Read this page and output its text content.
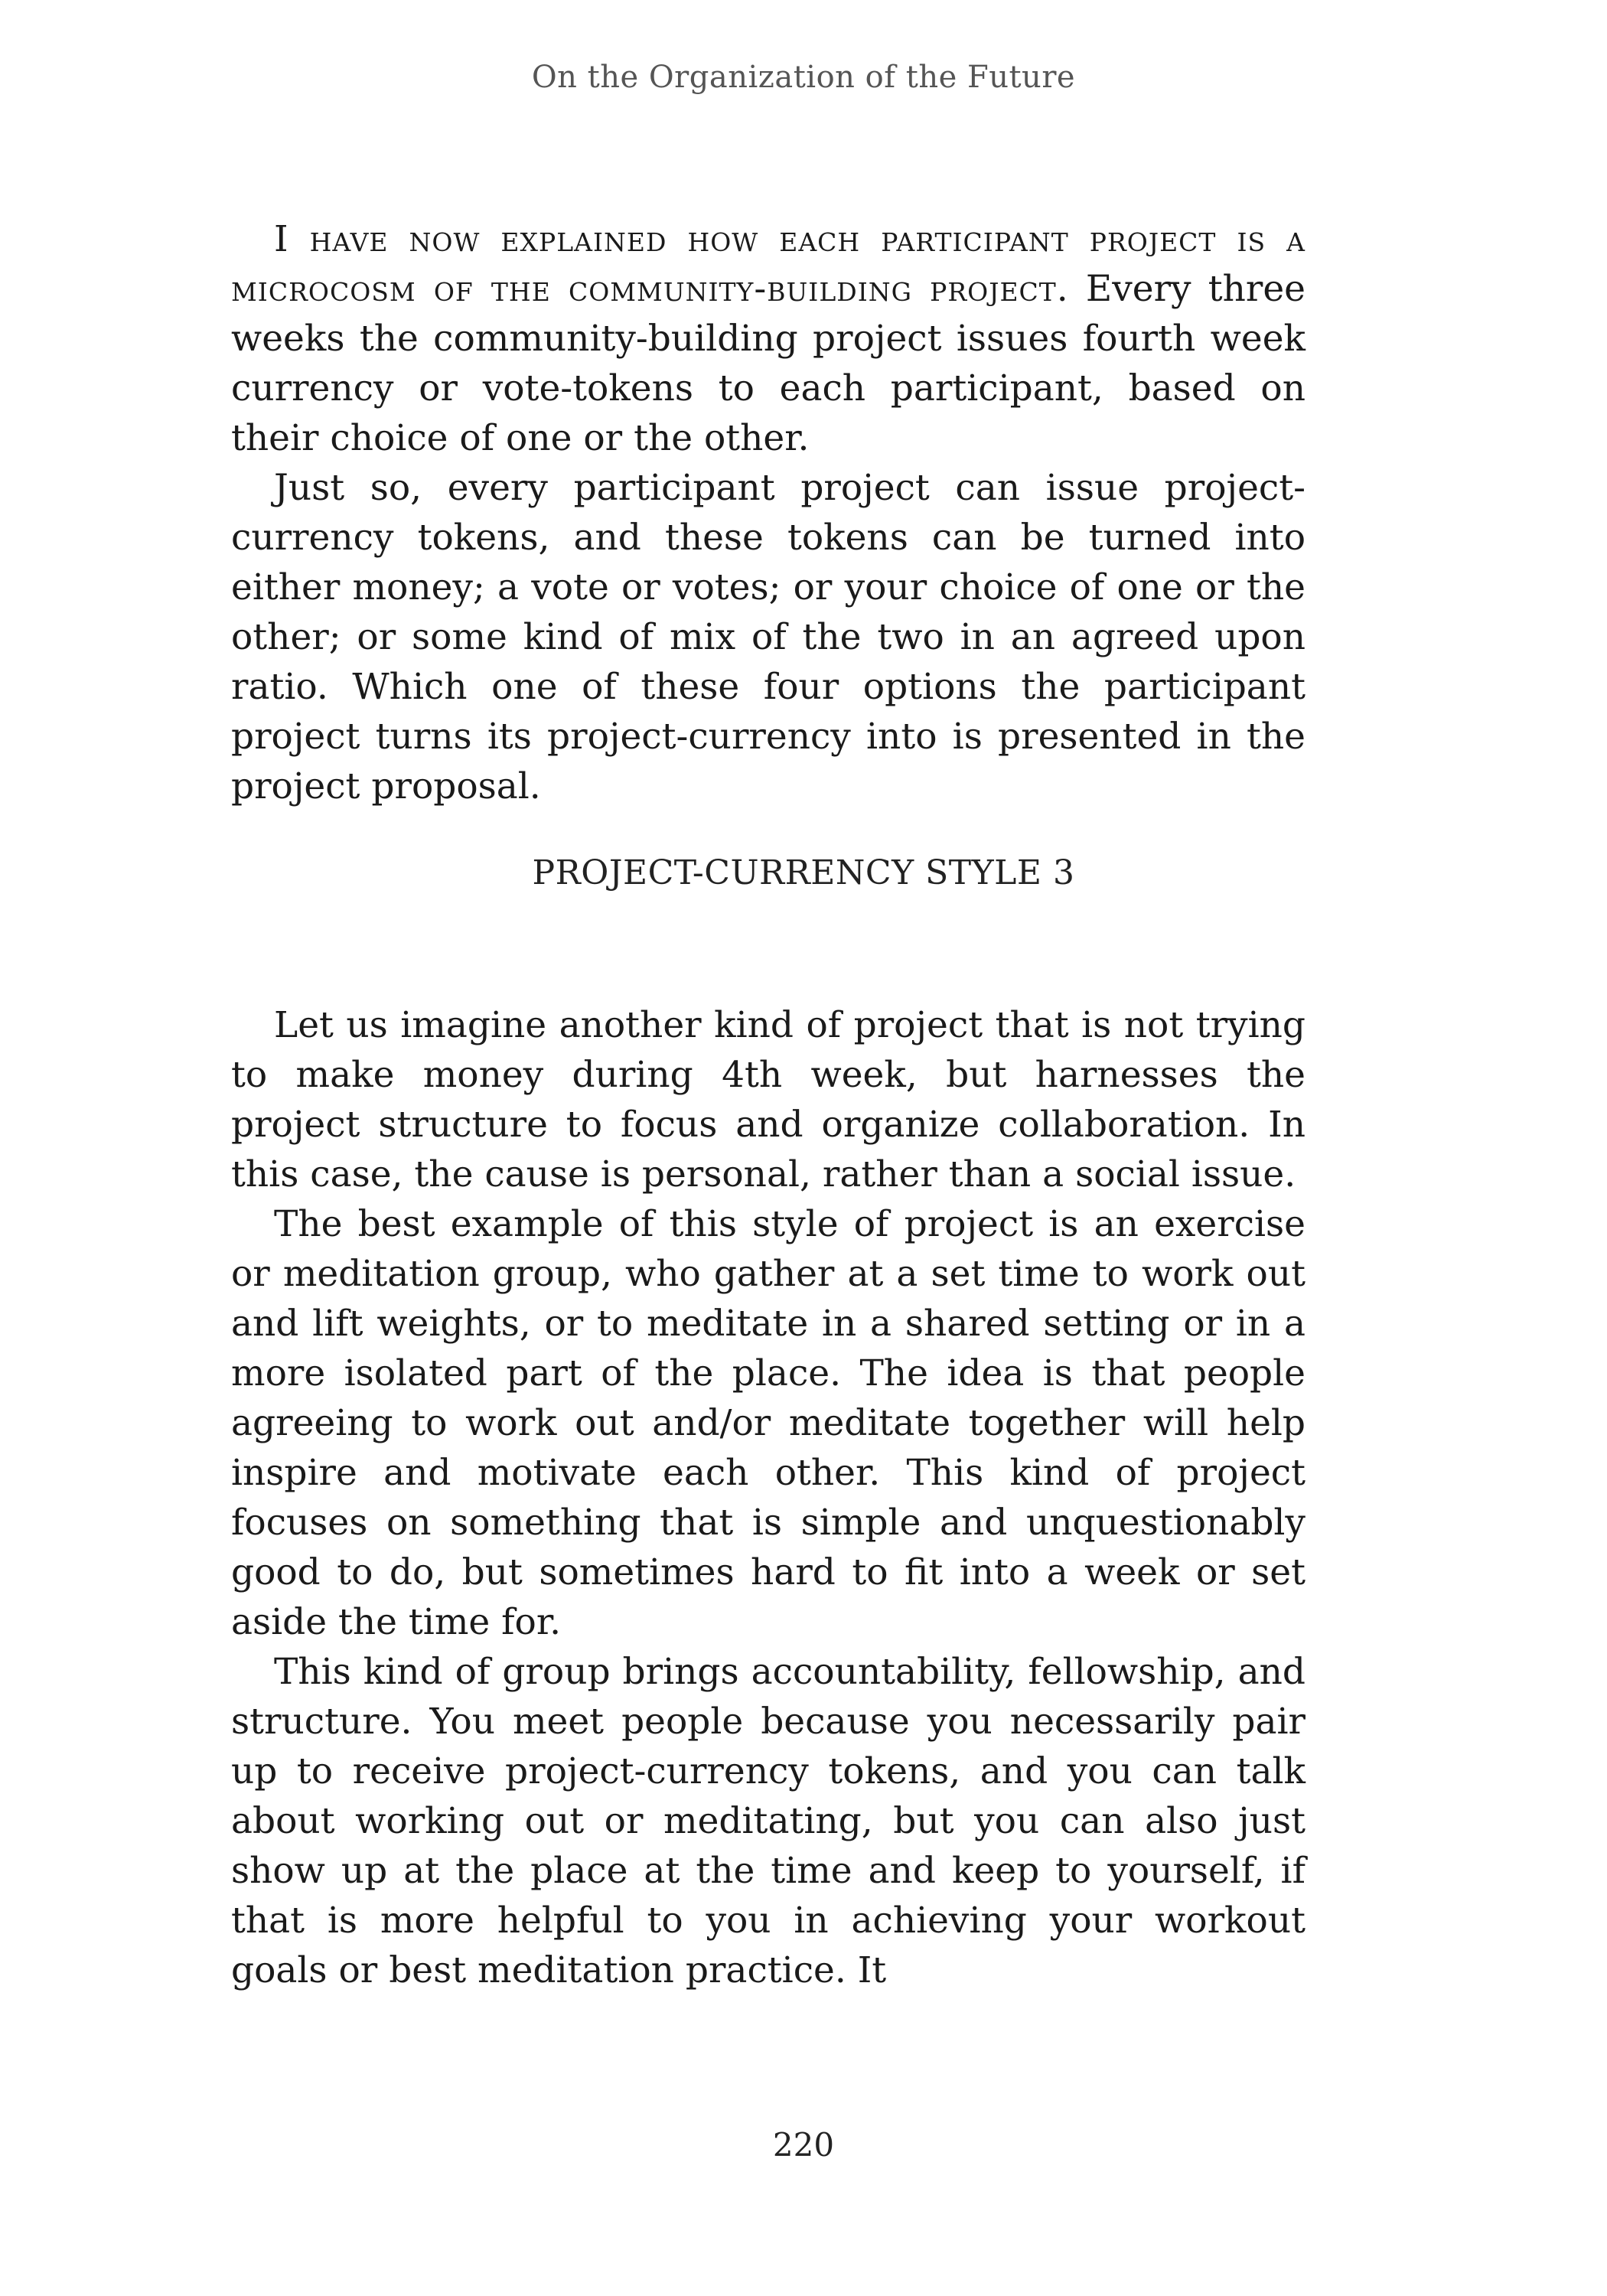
On the Organization of the Future

I have now explained how each participant project is a microcosm of the community-building project. Every three weeks the community-building project issues fourth week currency or vote-tokens to each participant, based on their choice of one or the other.

Just so, every participant project can issue project-currency tokens, and these tokens can be turned into either money; a vote or votes; or your choice of one or the other; or some kind of mix of the two in an agreed upon ratio. Which one of these four options the participant project turns its project-currency into is presented in the project proposal.

PROJECT-CURRENCY STYLE 3

Let us imagine another kind of project that is not trying to make money during 4th week, but harnesses the project structure to focus and organize collaboration. In this case, the cause is personal, rather than a social issue.

The best example of this style of project is an exercise or meditation group, who gather at a set time to work out and lift weights, or to meditate in a shared setting or in a more isolated part of the place. The idea is that people agreeing to work out and/or meditate together will help inspire and motivate each other. This kind of project focuses on something that is simple and unquestionably good to do, but sometimes hard to fit into a week or set aside the time for.

This kind of group brings accountability, fellowship, and structure. You meet people because you necessarily pair up to receive project-currency tokens, and you can talk about working out or meditating, but you can also just show up at the place at the time and keep to yourself, if that is more helpful to you in achieving your workout goals or best meditation practice. It

220
